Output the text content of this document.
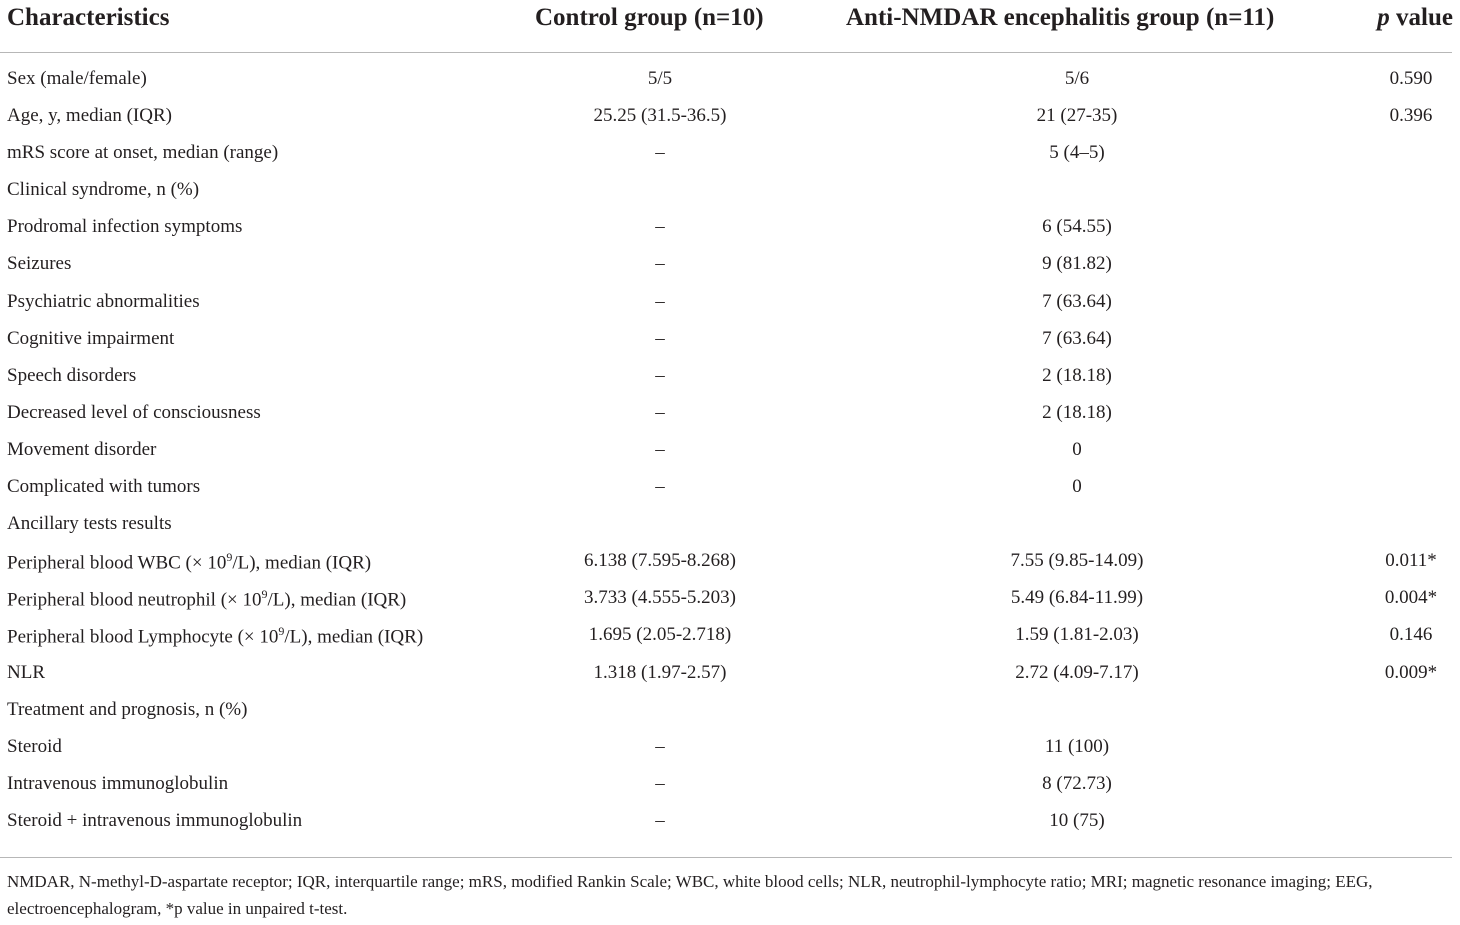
Characteristics	Control group (n=10)	Anti-NMDAR encephalitis group (n=11)	p value
Sex (male/female)	5/5	5/6	0.590
Age, y, median (IQR)	25.25 (31.5-36.5)	21 (27-35)	0.396
mRS score at onset, median (range)	–	5 (4–5)
Clinical syndrome, n (%)
Prodromal infection symptoms	–	6 (54.55)
Seizures	–	9 (81.82)
Psychiatric abnormalities	–	7 (63.64)
Cognitive impairment	–	7 (63.64)
Speech disorders	–	2 (18.18)
Decreased level of consciousness	–	2 (18.18)
Movement disorder	–	0
Complicated with tumors	–	0
Ancillary tests results
Peripheral blood WBC (× $10^9/L$), median (IQR)	6.138 (7.595-8.268)	7.55 (9.85-14.09)	0.011*
Peripheral blood neutrophil (× $10^9/L$), median (IQR)	3.733 (4.555-5.203)	5.49 (6.84-11.99)	0.004*
Peripheral blood Lymphocyte (× $10^9/L$), median (IQR)	1.695 (2.05-2.718)	1.59 (1.81-2.03)	0.146
NLR	1.318 (1.97-2.57)	2.72 (4.09-7.17)	0.009*
Treatment and prognosis, n (%)
Steroid	–	11 (100)
Intravenous immunoglobulin	–	8 (72.73)
Steroid + intravenous immunoglobulin	–	10 (75)
NMDAR, N-methyl-D-aspartate receptor; IQR, interquartile range; mRS, modified Rankin Scale; WBC, white blood cells; NLR, neutrophil-lymphocyte ratio; MRI; magnetic resonance imaging; EEG, electroencephalogram, *p value in unpaired t-test.
